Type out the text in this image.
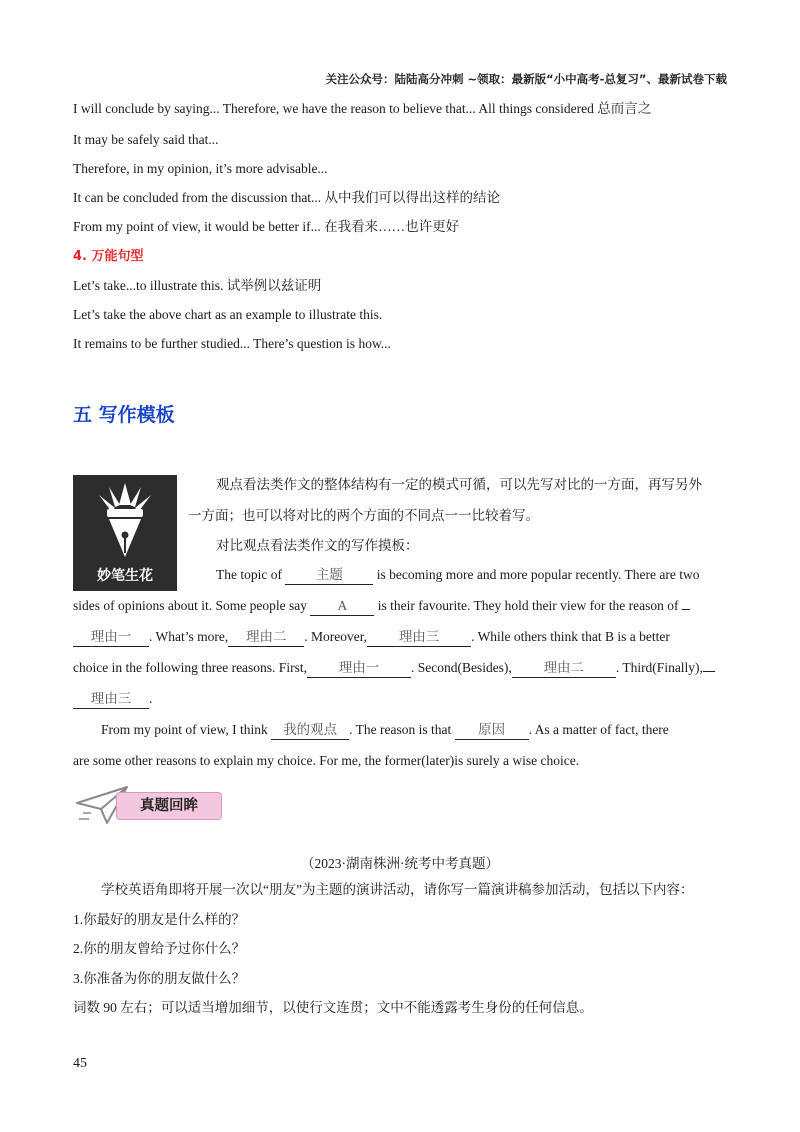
关注公众号：陆陆高分冲刺 ~领取：最新版“小中高考-总复习”、最新试卷下载
I will conclude by saying... Therefore, we have the reason to believe that... All things considered 总而言之
It may be safely said that...
Therefore, in my opinion, it’s more advisable...
It can be concluded from the discussion that... 从中我们可以得出这样的结论
From my point of view, it would be better if... 在我看来……也许更好
4. 万能句型
Let’s take...to illustrate this. 试举例以兹证明
Let’s take the above chart as an example to illustrate this.
It remains to be further studied... There’s question is how...
五 写作模板
妙笔生花
观点看法类作文的整体结构有一定的模式可循，可以先写对比的一方面，再写另外
一方面；也可以将对比的两个方面的不同点一一比较着写。
对比观点看法类作文的写作摸板：
The topic of	主题	is becoming more and more popular recently. There are two
sides of opinions about it. Some people say A is their favourite. They hold their view for the reason of
理由一 . What’s more, 理由二 . Moreover, 理由三 . While others think that B is a better
choice in the following three reasons. First, 理由一 . Second(Besides), 理由二 . Third(Finally),
理由三 .
From my point of view, I think 我的观点 . The reason is that 原因 . As a matter of fact, there
are some other reasons to explain my choice. For me, the former(later)is surely a wise choice.
真题回眸
（2023·湖南株洲·统考中考真题）
学校英语角即将开展一次以“朋友”为主题的演讲活动，请你写一篇演讲稿参加活动，包括以下内容：
1.你最好的朋友是什么样的？
2.你的朋友曾给予过你什么？
3.你准备为你的朋友做什么？
词数 90 左右；可以适当增加细节，以使行文连贯；文中不能透露考生身份的任何信息。
45
